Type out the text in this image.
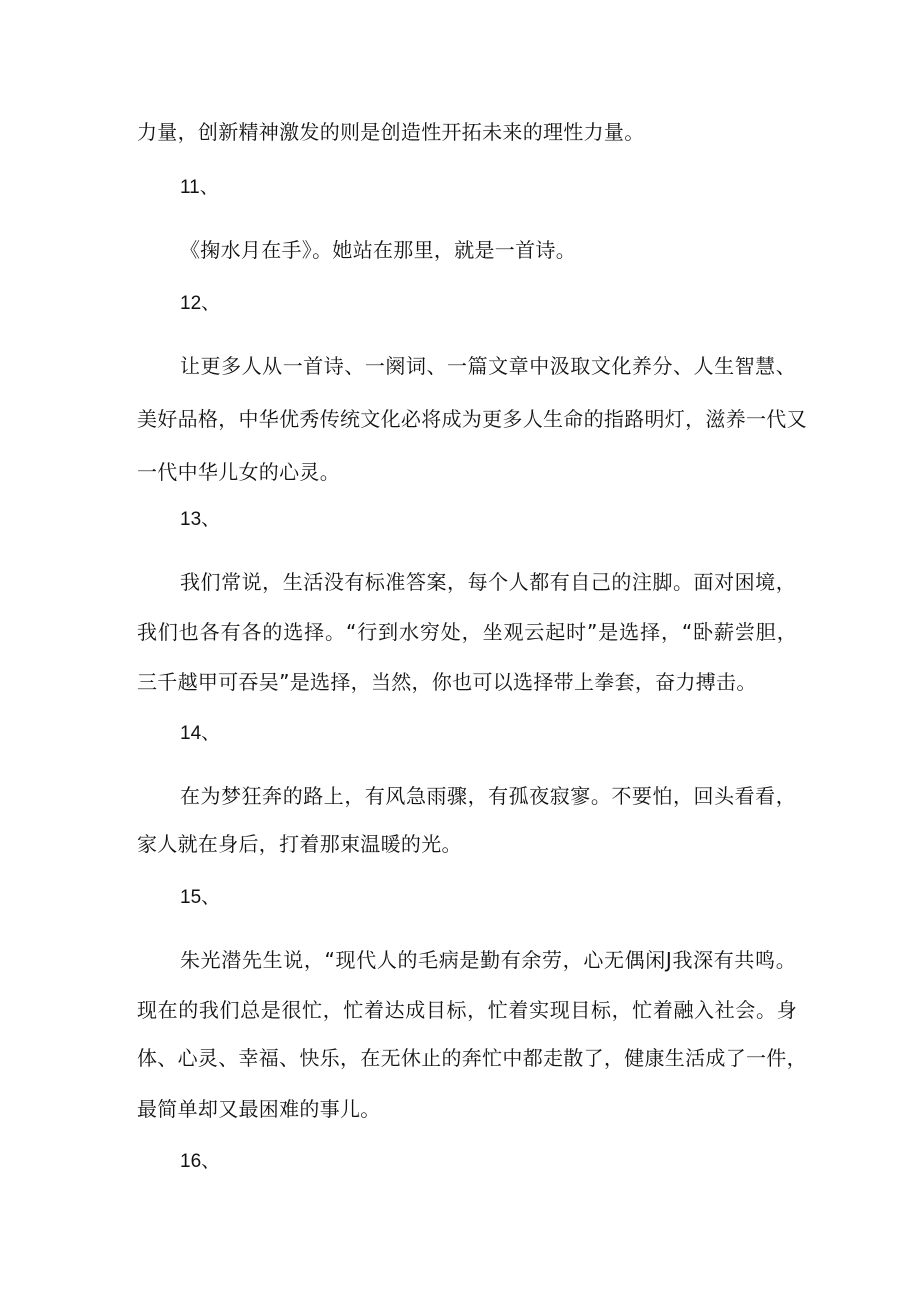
力量，创新精神激发的则是创造性开拓未来的理性力量。
11、
《掬水月在手》。她站在那里，就是一首诗。
12、
让更多人从一首诗、一阕词、一篇文章中汲取文化养分、人生智慧、
美好品格，中华优秀传统文化必将成为更多人生命的指路明灯，滋养一代又
一代中华儿女的心灵。
13、
我们常说，生活没有标准答案，每个人都有自己的注脚。面对困境，
我们也各有各的选择。“行到水穷处，坐观云起时”是选择，“卧薪尝胆，
三千越甲可吞吴”是选择，当然，你也可以选择带上拳套，奋力搏击。
14、
在为梦狂奔的路上，有风急雨骤，有孤夜寂寥。不要怕，回头看看，
家人就在身后，打着那束温暖的光。
15、
朱光潜先生说，“现代人的毛病是勤有余劳，心无偶闲J我深有共鸣。
现在的我们总是很忙，忙着达成目标，忙着实现目标，忙着融入社会。身
体、心灵、幸福、快乐，在无休止的奔忙中都走散了，健康生活成了一件，
最简单却又最困难的事儿。
16、
